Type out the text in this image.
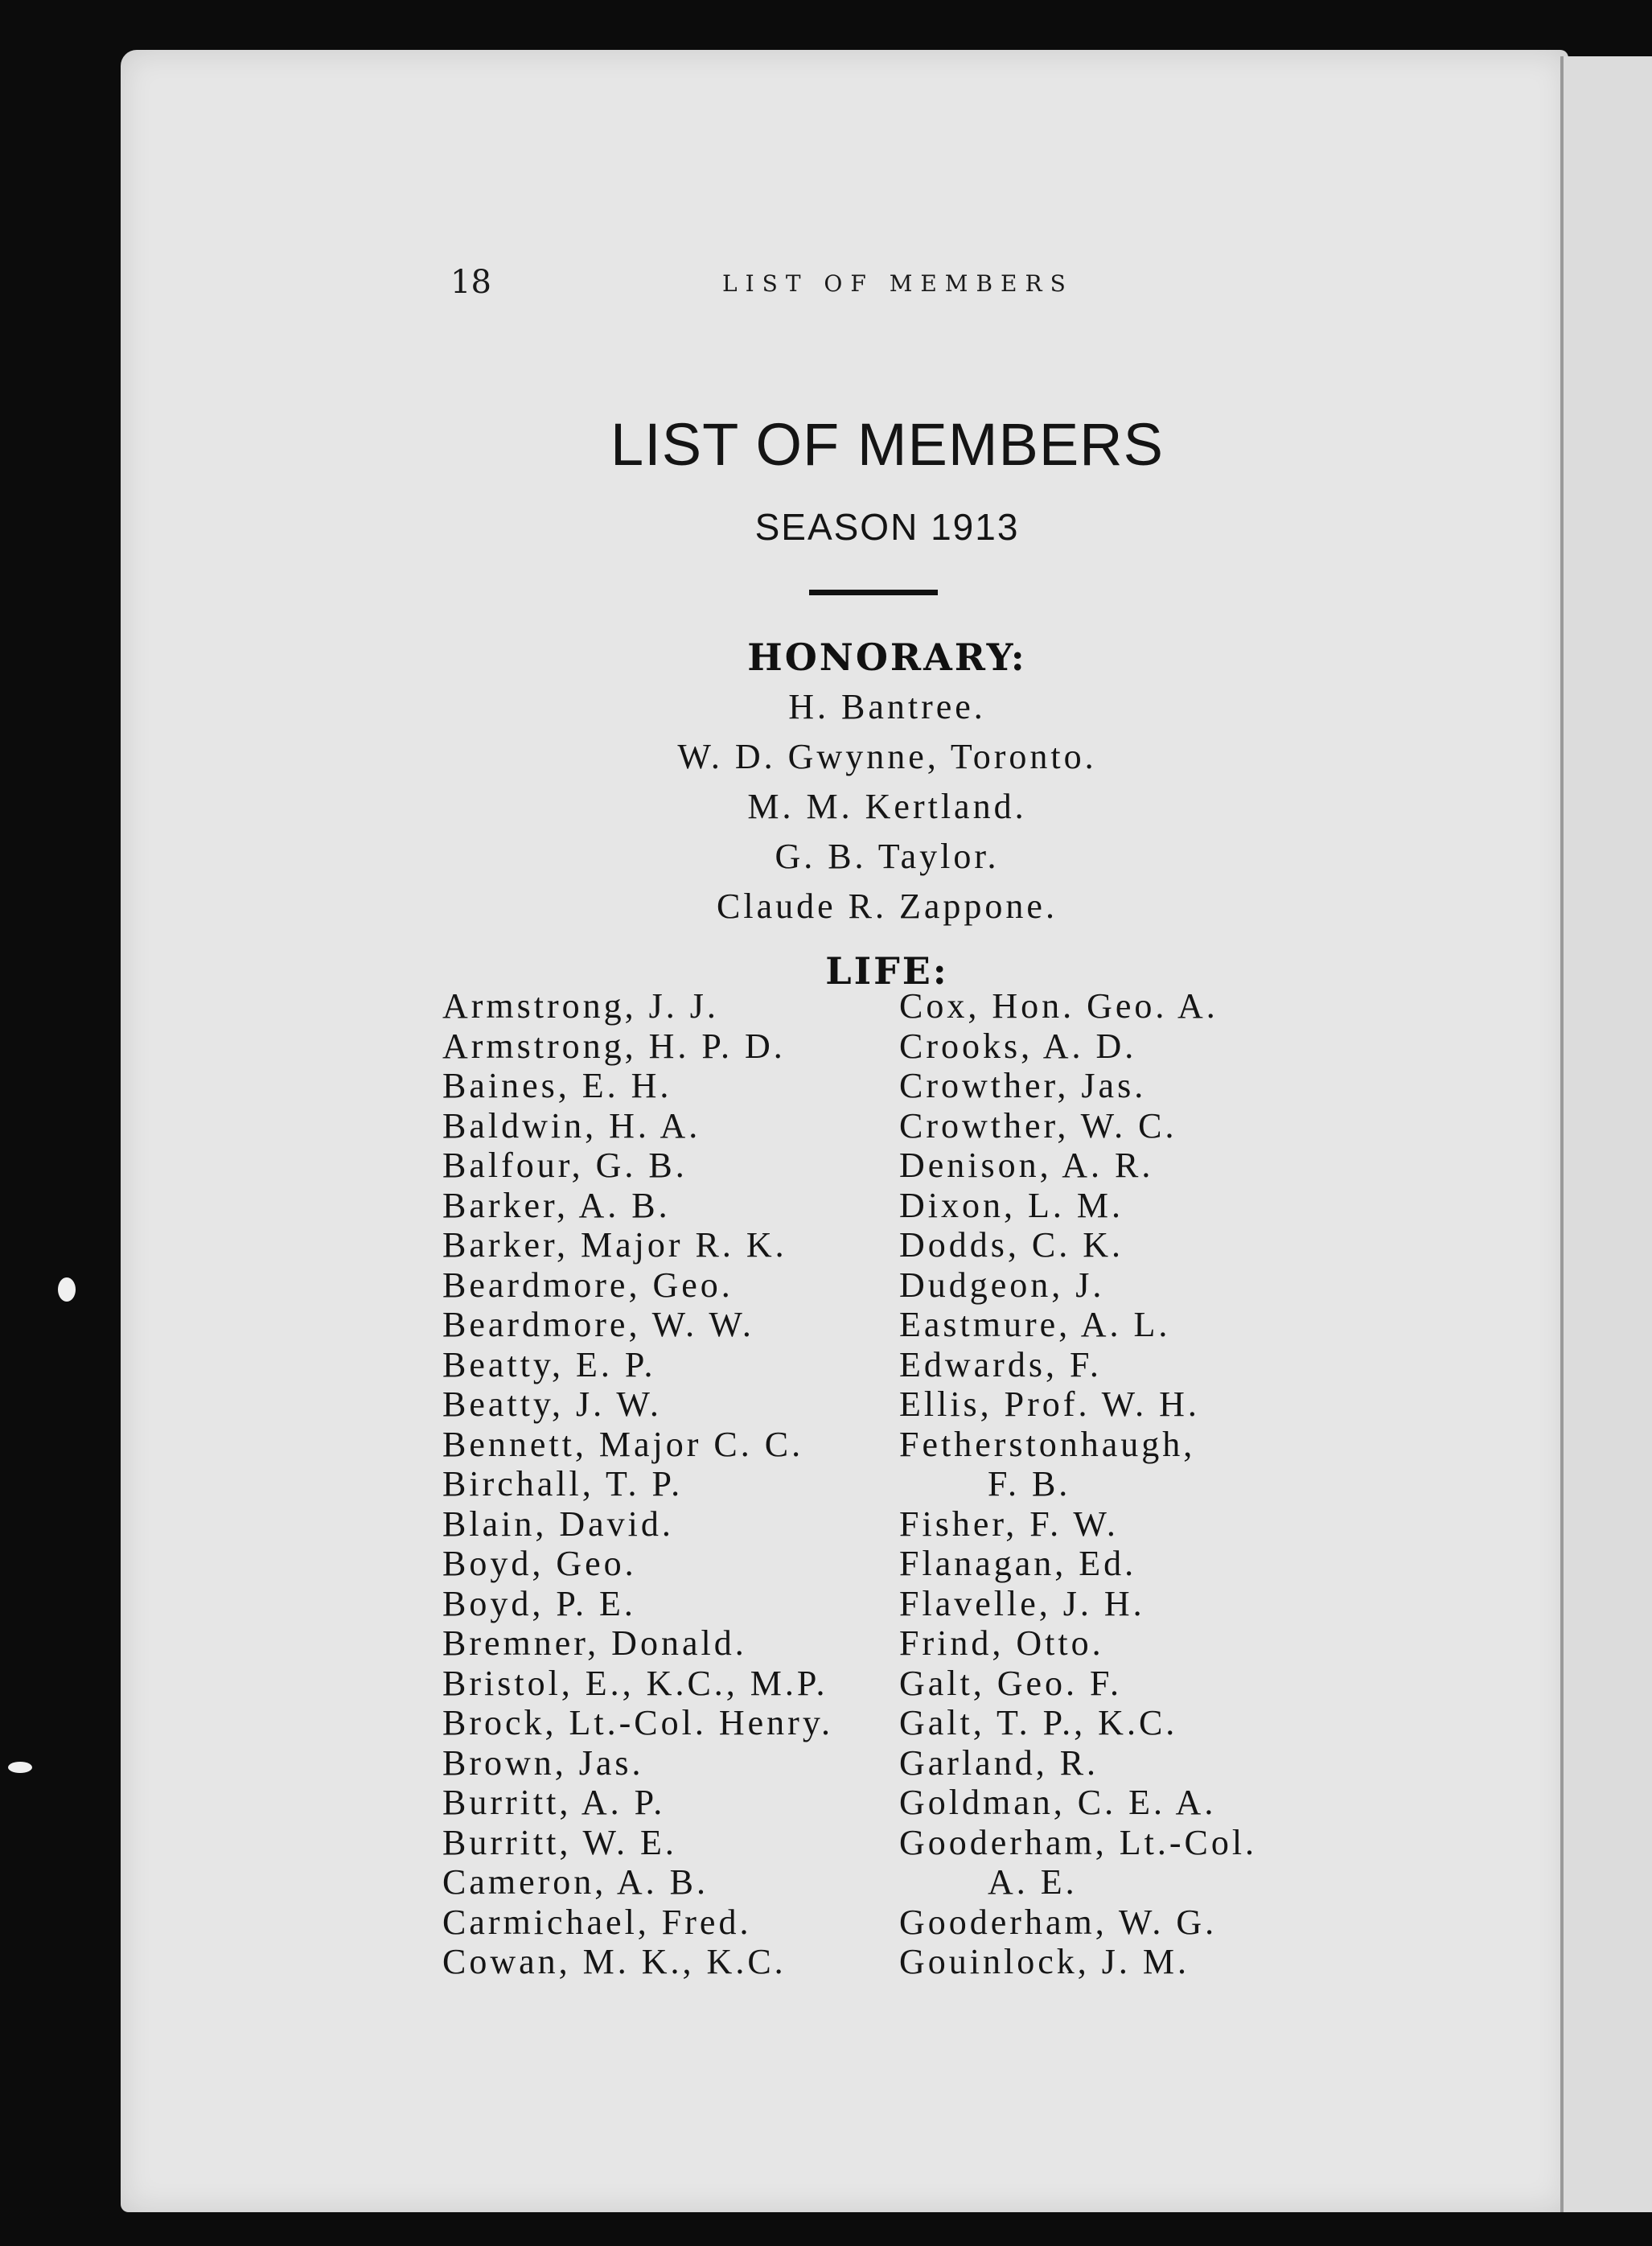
18	LIST OF MEMBERS
LIST OF MEMBERS
SEASON 1913
HONORARY:
H. Bantree.
W. D. Gwynne, Toronto.
M. M. Kertland.
G. B. Taylor.
Claude R. Zappone.
LIFE:
Armstrong, J. J.
Armstrong, H. P. D.
Baines, E. H.
Baldwin, H. A.
Balfour, G. B.
Barker, A. B.
Barker, Major R. K.
Beardmore, Geo.
Beardmore, W. W.
Beatty, E. P.
Beatty, J. W.
Bennett, Major C. C.
Birchall, T. P.
Blain, David.
Boyd, Geo.
Boyd, P. E.
Bremner, Donald.
Bristol, E., K.C., M.P.
Brock, Lt.-Col. Henry.
Brown, Jas.
Burritt, A. P.
Burritt, W. E.
Cameron, A. B.
Carmichael, Fred.
Cowan, M. K., K.C.
Cox, Hon. Geo. A.
Crooks, A. D.
Crowther, Jas.
Crowther, W. C.
Denison, A. R.
Dixon, L. M.
Dodds, C. K.
Dudgeon, J.
Eastmure, A. L.
Edwards, F.
Ellis, Prof. W. H.
Fetherstonhaugh,
F. B.
Fisher, F. W.
Flanagan, Ed.
Flavelle, J. H.
Frind, Otto.
Galt, Geo. F.
Galt, T. P., K.C.
Garland, R.
Goldman, C. E. A.
Gooderham, Lt.-Col.
A. E.
Gooderham, W. G.
Gouinlock, J. M.
